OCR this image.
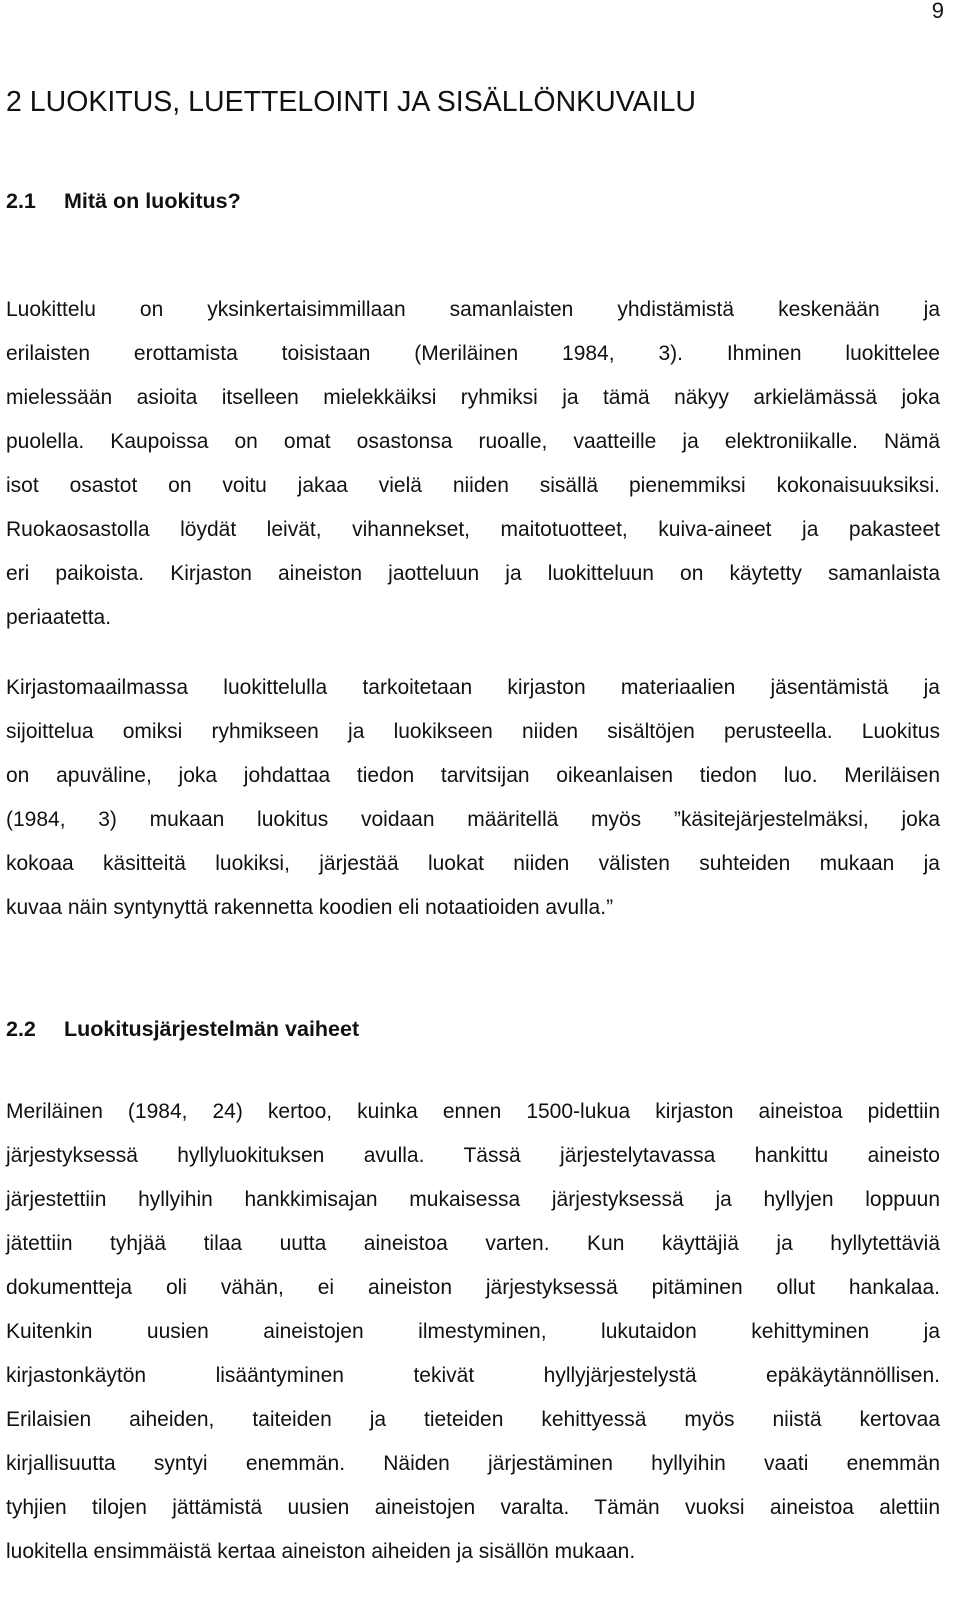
9
2 LUOKITUS, LUETTELOINTI JA SISÄLLÖNKUVAILU
2.1 Mitä on luokitus?
Luokittelu on yksinkertaisimmillaan samanlaisten yhdistämistä keskenään ja
erilaisten erottamista toisistaan (Meriläinen 1984, 3). Ihminen luokittelee
mielessään asioita itselleen mielekkäiksi ryhmiksi ja tämä näkyy arkielämässä joka
puolella. Kaupoissa on omat osastonsa ruoalle, vaatteille ja elektroniikalle. Nämä
isot osastot on voitu jakaa vielä niiden sisällä pienemmiksi kokonaisuuksiksi.
Ruokaosastolla löydät leivät, vihannekset, maitotuotteet, kuiva-aineet ja pakasteet
eri paikoista. Kirjaston aineiston jaotteluun ja luokitteluun on käytetty samanlaista
periaatetta.
Kirjastomaailmassa luokittelulla tarkoitetaan kirjaston materiaalien jäsentämistä ja
sijoittelua omiksi ryhmikseen ja luokikseen niiden sisältöjen perusteella. Luokitus
on apuväline, joka johdattaa tiedon tarvitsijan oikeanlaisen tiedon luo. Meriläisen
(1984, 3) mukaan luokitus voidaan määritellä myös ”käsitejärjestelmäksi, joka
kokoaa käsitteitä luokiksi, järjestää luokat niiden välisten suhteiden mukaan ja
kuvaa näin syntynyttä rakennetta koodien eli notaatioiden avulla.”
2.2 Luokitusjärjestelmän vaiheet
Meriläinen (1984, 24) kertoo, kuinka ennen 1500-lukua kirjaston aineistoa pidettiin
järjestyksessä hyllyluokituksen avulla. Tässä järjestelytavassa hankittu aineisto
järjestettiin hyllyihin hankkimisajan mukaisessa järjestyksessä ja hyllyjen loppuun
jätettiin tyhjää tilaa uutta aineistoa varten. Kun käyttäjiä ja hyllytettäviä
dokumentteja oli vähän, ei aineiston järjestyksessä pitäminen ollut hankalaa.
Kuitenkin uusien aineistojen ilmestyminen, lukutaidon kehittyminen ja
kirjastonkäytön lisääntyminen tekivät hyllyjärjestelystä epäkäytännöllisen.
Erilaisien aiheiden, taiteiden ja tieteiden kehittyessä myös niistä kertovaa
kirjallisuutta syntyi enemmän. Näiden järjestäminen hyllyihin vaati enemmän
tyhjien tilojen jättämistä uusien aineistojen varalta. Tämän vuoksi aineistoa alettiin
luokitella ensimmäistä kertaa aineiston aiheiden ja sisällön mukaan.
